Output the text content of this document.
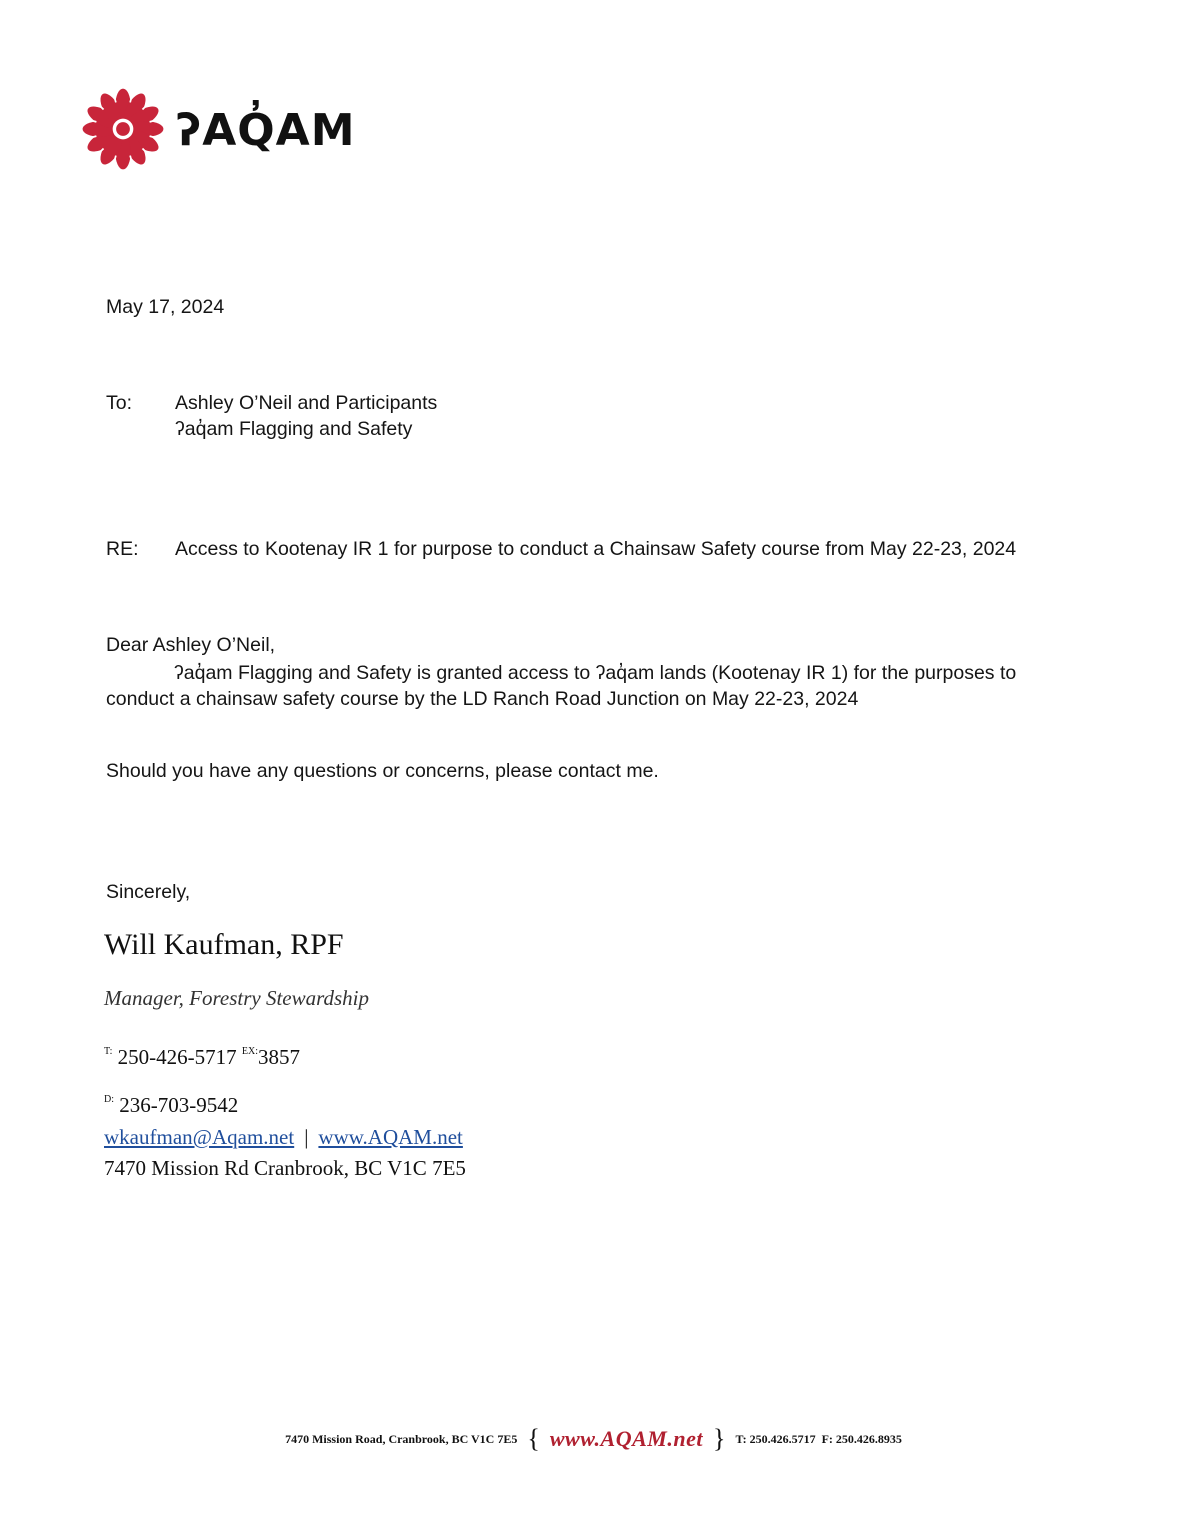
ʔAQ̓AM
May 17, 2024
To: Ashley O’Neil and Participants
ʔaq̓am Flagging and Safety
RE: Access to Kootenay IR 1 for purpose to conduct a Chainsaw Safety course from May 22-23, 2024
Dear Ashley O’Neil,
ʔaq̓am Flagging and Safety is granted access to ʔaq̓am lands (Kootenay IR 1) for the purposes to conduct a chainsaw safety course by the LD Ranch Road Junction on May 22-23, 2024
Should you have any questions or concerns, please contact me.
Sincerely,
Will Kaufman, RPF
Manager, Forestry Stewardship
$^{T:}$ 250-426-5717 $^{EX:}$3857
$^{D:}$ 236-703-9542
wkaufman@Aqam.net | www.AQAM.net
7470 Mission Rd Cranbrook, BC V1C 7E5
7470 Mission Road, Cranbrook, BC V1C 7E5 { www.AQAM.net } T: 250.426.5717 F: 250.426.8935
